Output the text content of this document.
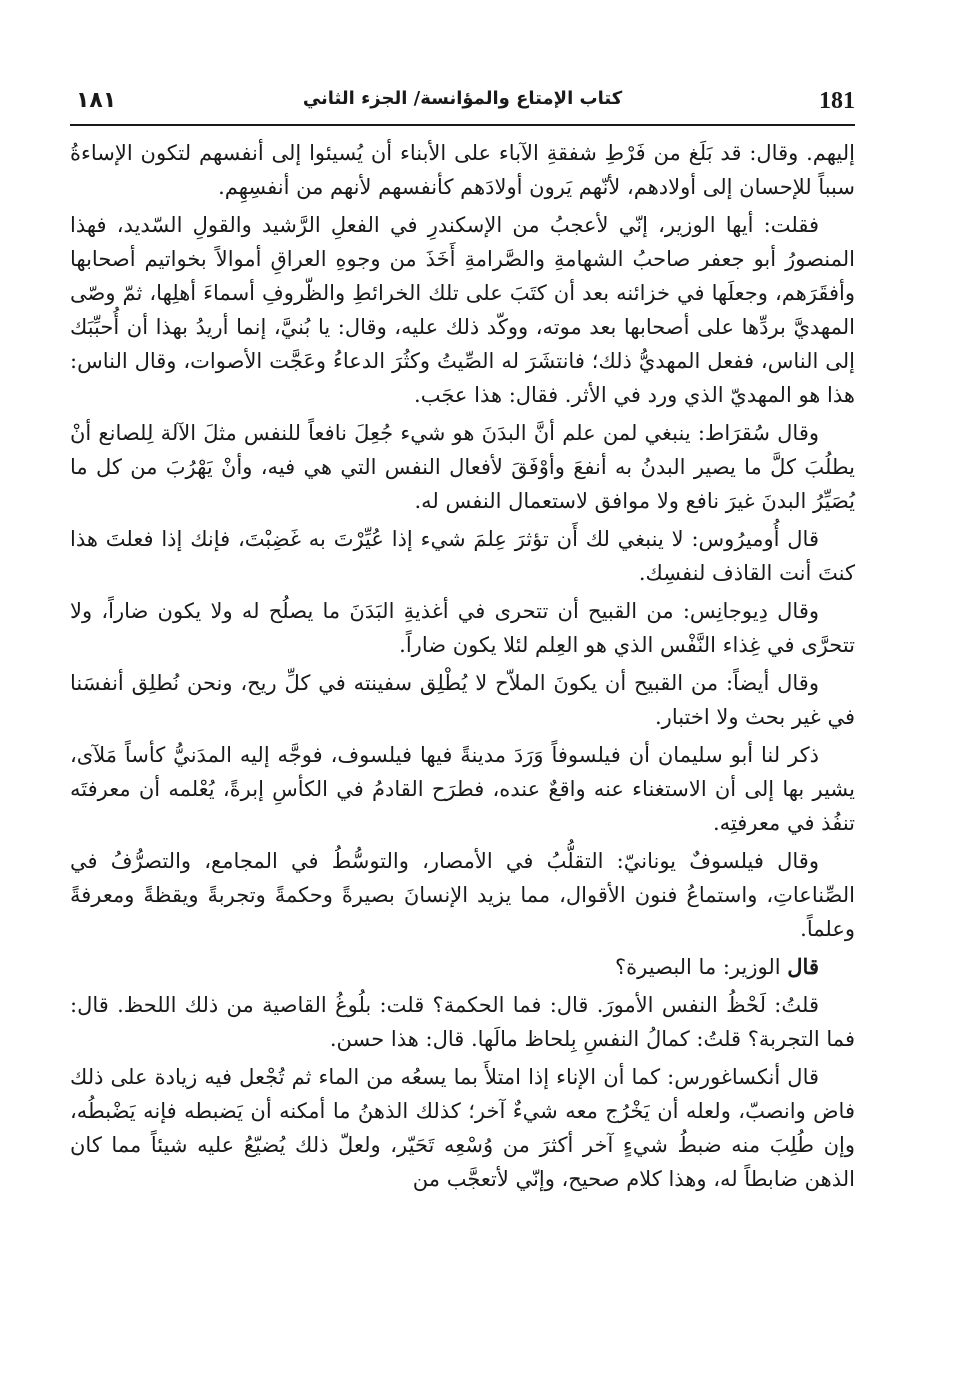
181
كتاب الإمتاع والمؤانسة/ الجزء الثاني
١٨١

إليهم. وقال: قد بَلَغ من فَرْطِ شفقةِ الآباء على الأبناء أن يُسيئوا إلى أنفسهم لتكون الإساءةُ سبباً للإحسان إلى أولادهم، لأنّهم يَرون أولادَهم كأنفسهم لأنهم من أنفسِهِم.

فقلت: أيها الوزير، إنّي لأعجبُ من الإسكندرِ في الفعلِ الرَّشيد والقولِ السّديد، فهذا المنصورُ أبو جعفر صاحبُ الشهامةِ والصَّرامةِ أَخَذَ من وجوهِ العراقِ أموالاً بخواتيم أصحابها وأفقَرَهم، وجعلَها في خزائنه بعد أن كتَبَ على تلك الخرائطِ والظّروفِ أسماءَ أهلِها، ثمّ وصّى المهديَّ بردِّها على أصحابها بعد موته، ووكّد ذلك عليه، وقال: يا بُنيَّ، إنما أريدُ بهذا أن أُحبِّبَك إلى الناس، ففعل المهديُّ ذلك؛ فانتشَرَ له الصِّيتُ وكثُرَ الدعاءُ وعَجَّت الأصوات، وقال الناس: هذا هو المهديّ الذي ورد في الأثر. فقال: هذا عجَب.

وقال سُقرَاط: ينبغي لمن علم أنَّ البدَنَ هو شيء جُعِلَ نافعاً للنفس مثلَ الآلة لِلصانع أنْ يطلُبَ كلَّ ما يصير البدنُ به أنفعَ وأوْفَقَ لأفعال النفس التي هي فيه، وأنْ يَهْرُبَ من كل ما يُصَيِّرُ البدنَ غيرَ نافع ولا موافق لاستعمال النفس له.

قال أُوميرُوس: لا ينبغي لك أَن تؤثرَ عِلمَ شيء إذا عُيِّرْتَ به غَضِبْتَ، فإنك إذا فعلتَ هذا كنتَ أنت القاذف لنفسِك.

وقال دِيوجانِس: من القبيح أن تتحرى في أغذيةِ البَدَنَ ما يصلُح له ولا يكون ضاراً، ولا تتحرَّى في غِذاء النَّفْس الذي هو العِلم لئلا يكون ضاراً.

وقال أيضاً: من القبيح أن يكونَ الملاّح لا يُطْلِق سفينته في كلِّ ريح، ونحن نُطلِق أنفسَنا في غير بحث ولا اختبار.

ذكر لنا أبو سليمان أن فيلسوفاً وَرَدَ مدينةً فيها فيلسوف، فوجَّه إليه المدَنيُّ كأساً مَلآى، يشير بها إلى أن الاستغناء عنه واقعٌ عنده، فطرَح القادمُ في الكأسِ إبرةً، يُعْلمه أن معرفتَه تنفُذ في معرفتِه.

وقال فيلسوفٌ يونانيّ: التقلُّبُ في الأمصار، والتوسُّطُ في المجامع، والتصرُّفُ في الصِّناعاتِ، واستماعُ فنون الأقوال، مما يزيد الإنسانَ بصيرةً وحكمةً وتجربةً ويقظةً ومعرفةً وعلماً.

قال الوزير: ما البصيرة؟

قلتُ: لَحْظُ النفس الأمورَ. قال: فما الحكمة؟ قلت: بلُوغُ القاصية من ذلك اللحظ. قال: فما التجربة؟ قلتُ: كمالُ النفسِ بِلحاظ مالَها. قال: هذا حسن.

قال أنكساغورس: كما أن الإناء إذا امتلأَ بما يسعُه من الماء ثم تُجْعل فيه زيادة على ذلك فاض وانصبّ، ولعله أن يَخْرُج معه شيءٌ آخر؛ كذلك الذهنُ ما أمكنه أن يَضبطه فإنه يَضْبطُه، وإن طُلِبَ منه ضبطُ شيءٍ آخر أكثرَ من وُسْعِه تَحَيّر، ولعلّ ذلك يُضيّعُ عليه شيئاً مما كان الذهن ضابطاً له، وهذا كلام صحيح، وإنّي لأتعجَّب من
